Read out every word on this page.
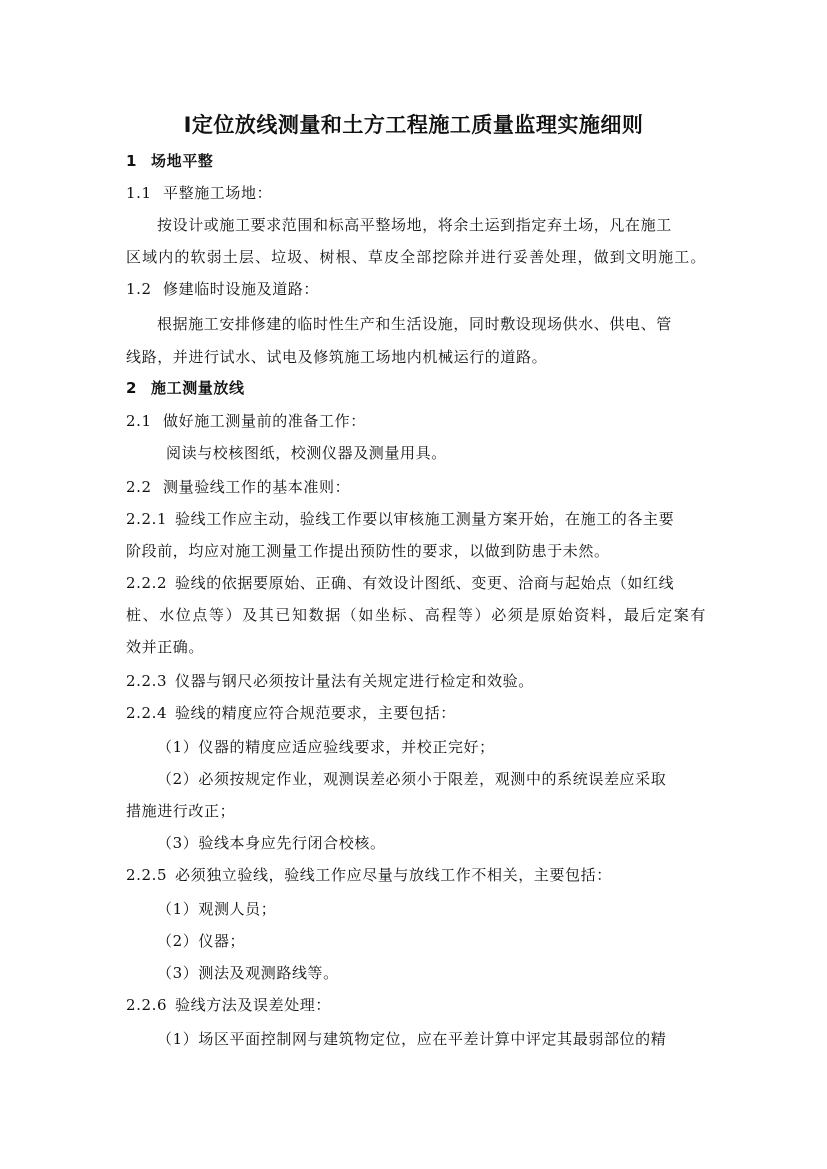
Ⅰ定位放线测量和土方工程施工质量监理实施细则
1 场地平整
1.1 平整施工场地：
按设计或施工要求范围和标高平整场地，将余土运到指定弃土场，凡在施工
区域内的软弱土层、垃圾、树根、草皮全部挖除并进行妥善处理，做到文明施工。
1.2 修建临时设施及道路：
根据施工安排修建的临时性生产和生活设施，同时敷设现场供水、供电、管
线路，并进行试水、试电及修筑施工场地内机械运行的道路。
2 施工测量放线
2.1 做好施工测量前的准备工作：
阅读与校核图纸，校测仪器及测量用具。
2.2 测量验线工作的基本准则：
2.2.1 验线工作应主动，验线工作要以审核施工测量方案开始，在施工的各主要
阶段前，均应对施工测量工作提出预防性的要求，以做到防患于未然。
2.2.2 验线的依据要原始、正确、有效设计图纸、变更、洽商与起始点（如红线
桩、水位点等）及其已知数据（如坐标、高程等）必须是原始资料，最后定案有
效并正确。
2.2.3 仪器与钢尺必须按计量法有关规定进行检定和效验。
2.2.4 验线的精度应符合规范要求，主要包括：
（1）仪器的精度应适应验线要求，并校正完好；
（2）必须按规定作业，观测误差必须小于限差，观测中的系统误差应采取
措施进行改正；
（3）验线本身应先行闭合校核。
2.2.5 必须独立验线，验线工作应尽量与放线工作不相关，主要包括：
（1）观测人员；
（2）仪器；
（3）测法及观测路线等。
2.2.6 验线方法及误差处理：
（1）场区平面控制网与建筑物定位，应在平差计算中评定其最弱部位的精
